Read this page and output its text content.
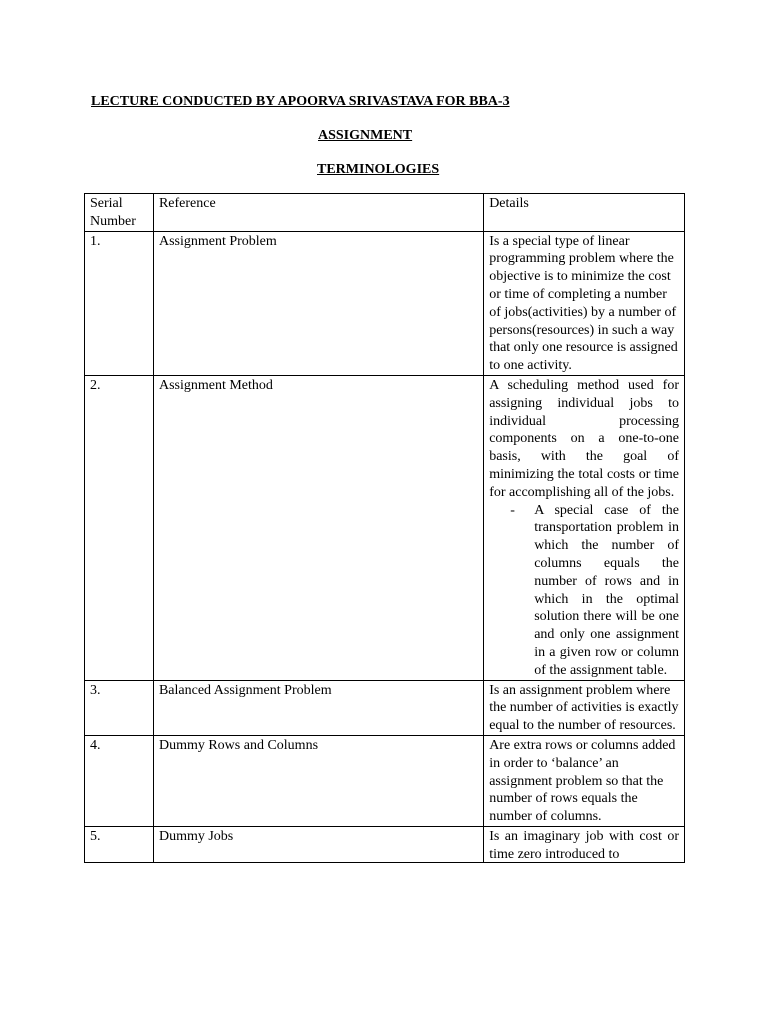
LECTURE CONDUCTED BY APOORVA SRIVASTAVA FOR BBA-3
ASSIGNMENT
TERMINOLOGIES
Serial Number	Reference	Details
1.	Assignment Problem	Is a special type of linear programming problem where the objective is to minimize the cost or time of completing a number of jobs(activities) by a number of persons(resources) in such a way that only one resource is assigned to one activity.
2.	Assignment Method	A scheduling method used for assigning individual jobs to individual processing components on a one-to-one basis, with the goal of minimizing the total costs or time for accomplishing all of the jobs.
- A special case of the transportation problem in which the number of columns equals the number of rows and in which in the optimal solution there will be one and only one assignment in a given row or column of the assignment table.

3.	Balanced Assignment Problem	Is an assignment problem where the number of activities is exactly equal to the number of resources.
4.	Dummy Rows and Columns	Are extra rows or columns added in order to ‘balance’ an assignment problem so that the number of rows equals the number of columns.
5.	Dummy Jobs	Is an imaginary job with cost or time zero introduced to
